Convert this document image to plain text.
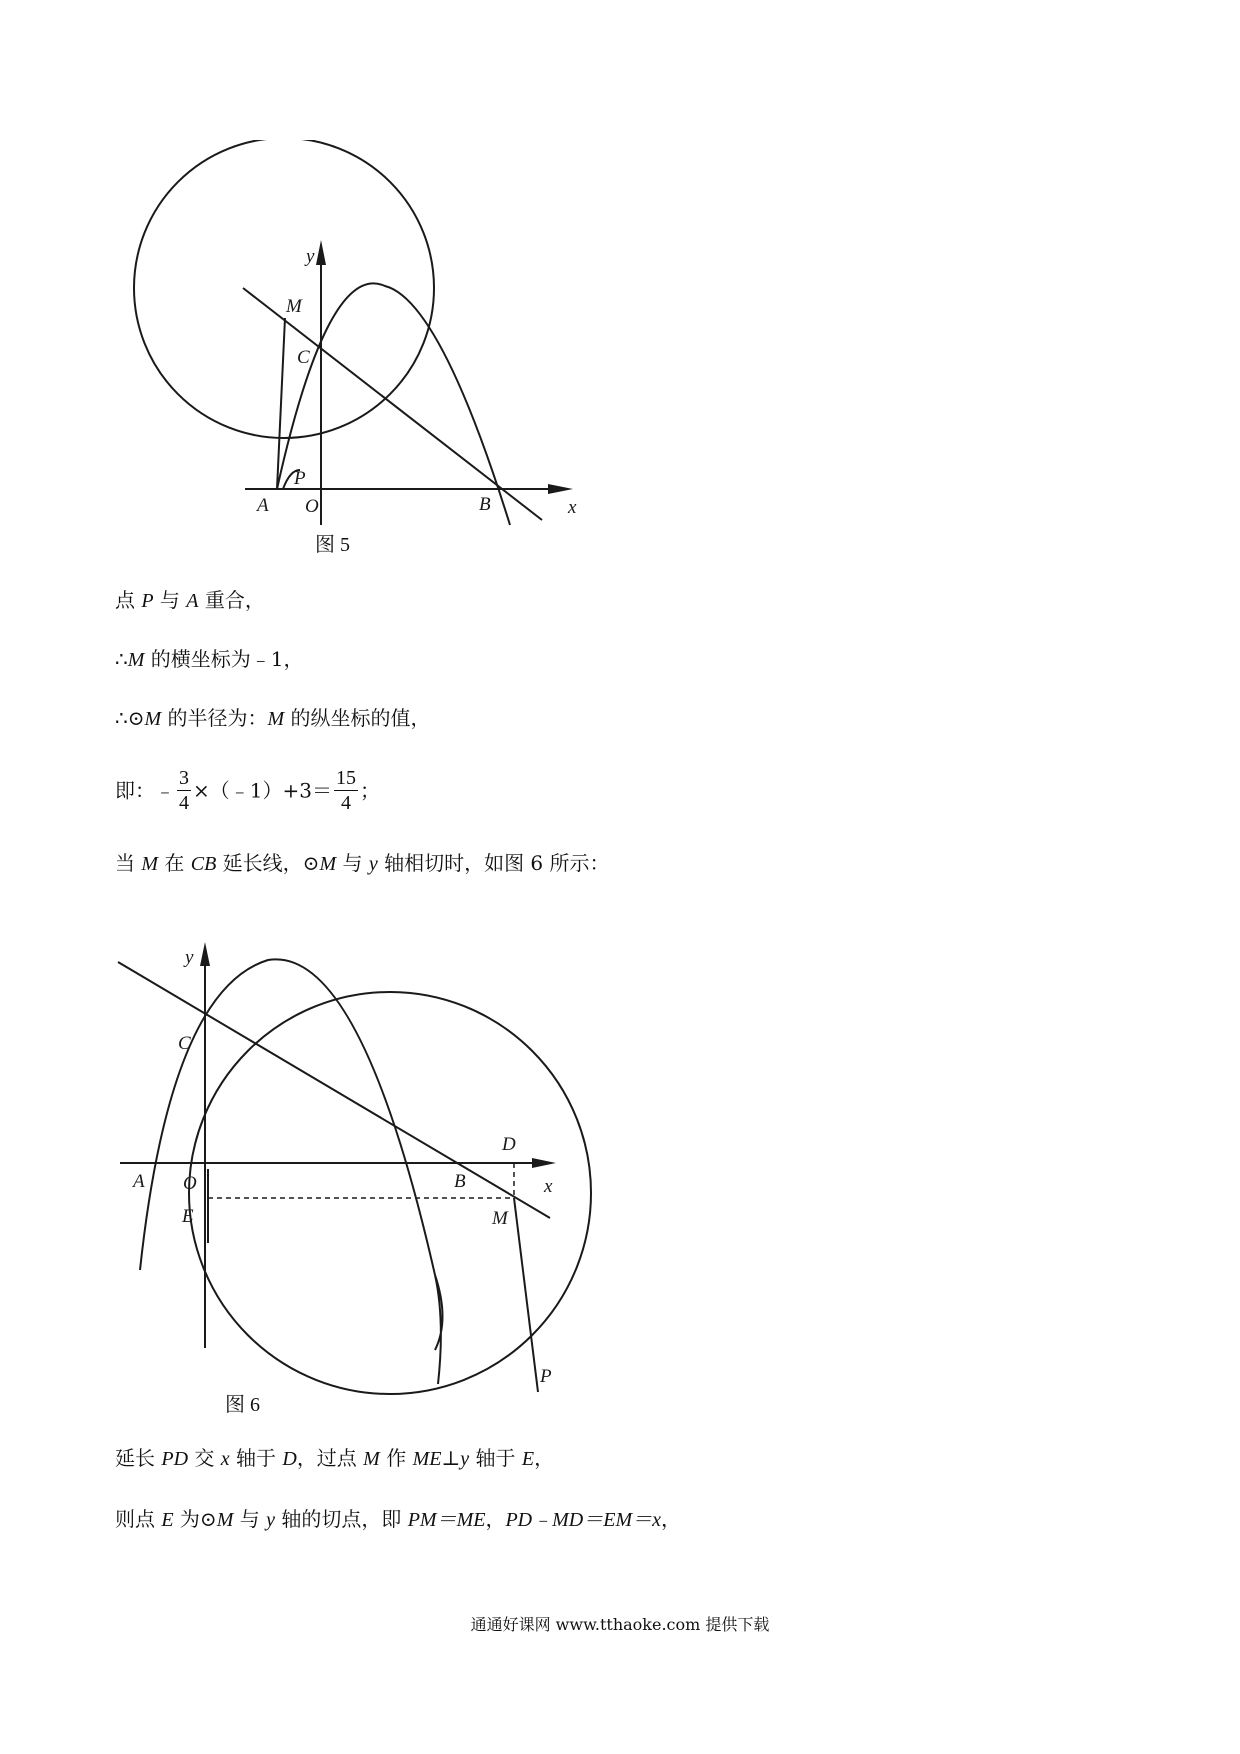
y
M
C
P
A O	B	x
图 5
点 P 与 A 重合，
∴M 的横坐标为﹣1，
∴⊙M 的半径为：M 的纵坐标的值，
即：﹣ $\frac{3}{4}$ ×（﹣1）+3＝ $\frac{15}{4}$ ；
当 M 在 CB 延长线，⊙M 与 y 轴相切时，如图 6 所示：
y
C
D
A O	B	x
E	M
P
图 6
延长 PD 交 x 轴于 D，过点 M 作 ME⊥y 轴于 E，
则点 E 为⊙M 与 y 轴的切点，即 PM＝ME，PD﹣MD＝EM＝x，
通通好课网 www.tthaoke.com 提供下载
